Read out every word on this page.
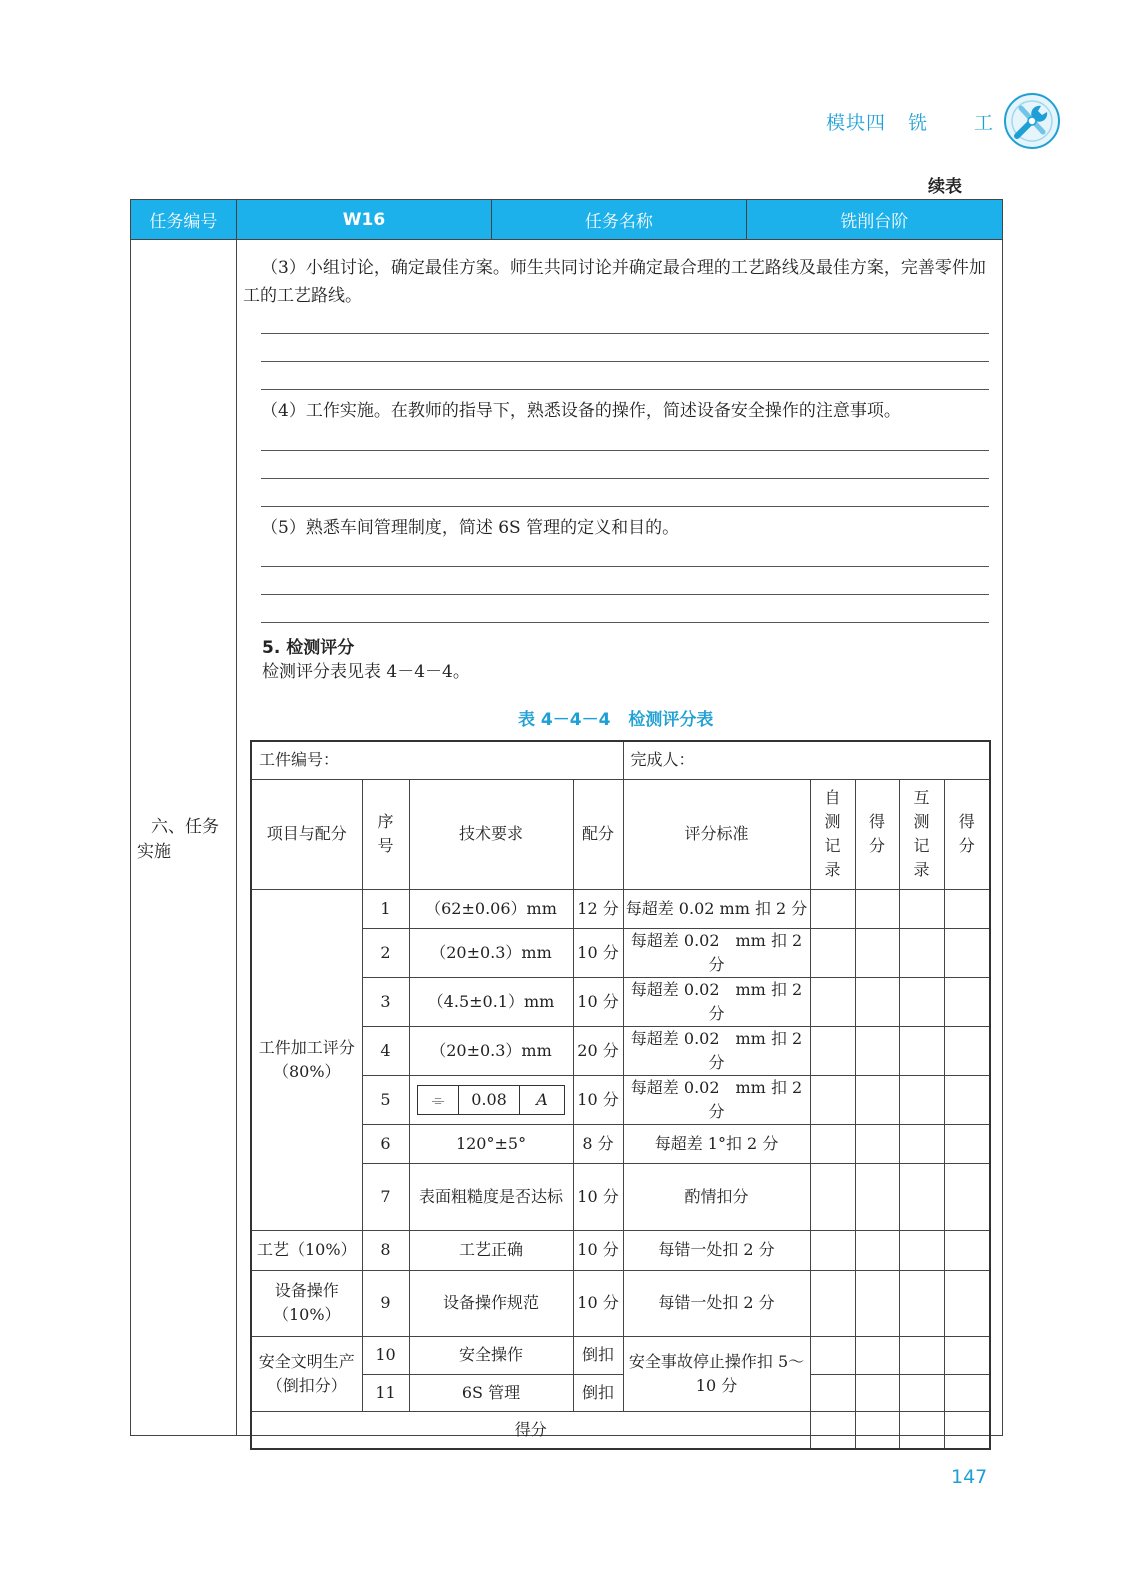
模块四 铣 工
续表
任务编号	W16	任务名称	铣削台阶
六、任务实施
（3）小组讨论，确定最佳方案。师生共同讨论并确定最合理的工艺路线及最佳方案，完善零件加工的工艺路线。
（4）工作实施。在教师的指导下，熟悉设备的操作，简述设备安全操作的注意事项。
（5）熟悉车间管理制度，简述 6S 管理的定义和目的。
5. 检测评分
检测评分表见表 4－4－4。
表 4－4－4 检测评分表
工件编号：				完成人：				
项目与配分	序号	技术要求	配分	评分标准	自测记录	得分	互测记录	得分
工件加工评分（80%）	1	（62±0.06）mm	12 分	每超差 0.02 mm 扣 2 分				
	2	（20±0.3）mm	10 分	每超差 0.02　mm 扣 2 分				
	3	（4.5±0.1）mm	10 分	每超差 0.02　mm 扣 2 分				
	4	（20±0.3）mm	20 分	每超差 0.02　mm 扣 2 分				
	5	⌯ 0.08 A	10 分	每超差 0.02　mm 扣 2 分				
	6	120°±5°	8 分	每超差 1°扣 2 分				
	7	表面粗糙度是否达标	10 分	酌情扣分				
工艺（10%）	8	工艺正确	10 分	每错一处扣 2 分				
设备操作（10%）	9	设备操作规范	10 分	每错一处扣 2 分				
安全文明生产（倒扣分）	10	安全操作	倒扣	安全事故停止操作扣 5～10 分				
	11	6S 管理	倒扣					
得分								
147
